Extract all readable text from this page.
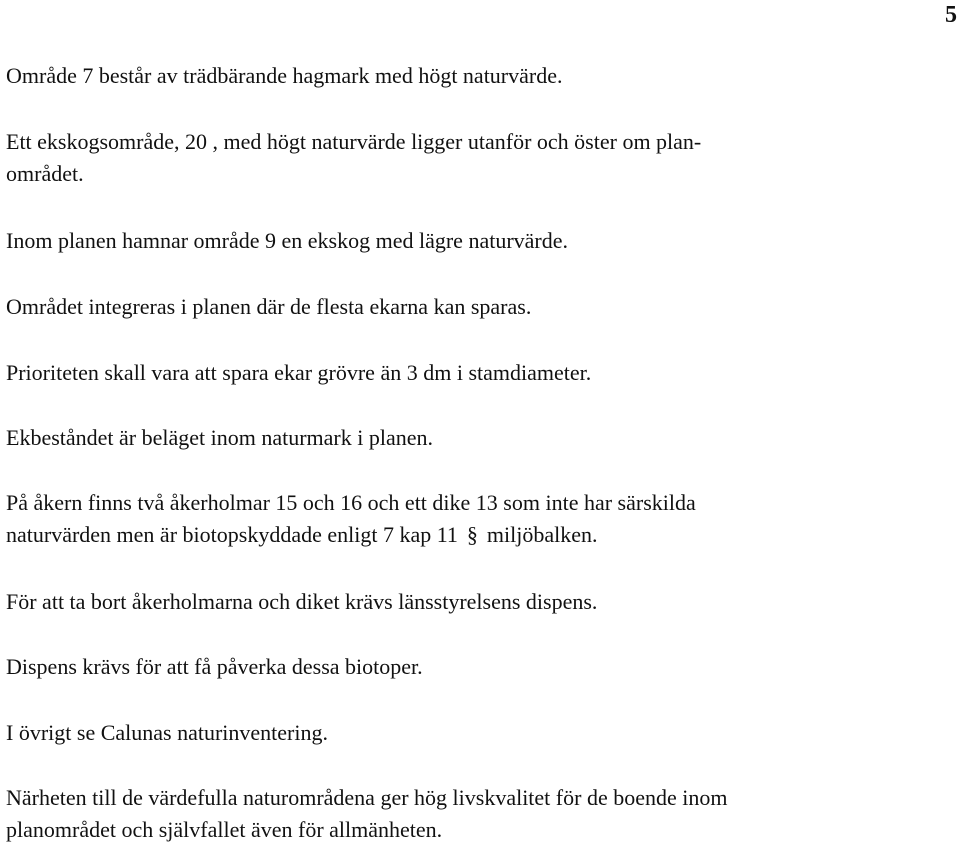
5

Område 7 består av trädbärande hagmark med högt naturvärde.

Ett ekskogsområde, 20 , med högt naturvärde ligger utanför och öster om plan-
området.

Inom planen hamnar område 9 en ekskog med lägre naturvärde.

Området integreras i planen där de flesta ekarna kan sparas.

Prioriteten skall vara att spara ekar grövre än 3 dm i stamdiameter.

Ekbeståndet är beläget inom naturmark i planen.

På åkern finns två åkerholmar 15 och 16 och ett dike 13 som inte har särskilda
naturvärden men är biotopskyddade enligt 7 kap 11 § miljöbalken.

För att ta bort åkerholmarna och diket krävs länsstyrelsens dispens.

Dispens krävs för att få påverka dessa biotoper.

I övrigt se Calunas naturinventering.

Närheten till de värdefulla naturområdena ger hög livskvalitet för de boende inom
planområdet och självfallet även för allmänheten.
